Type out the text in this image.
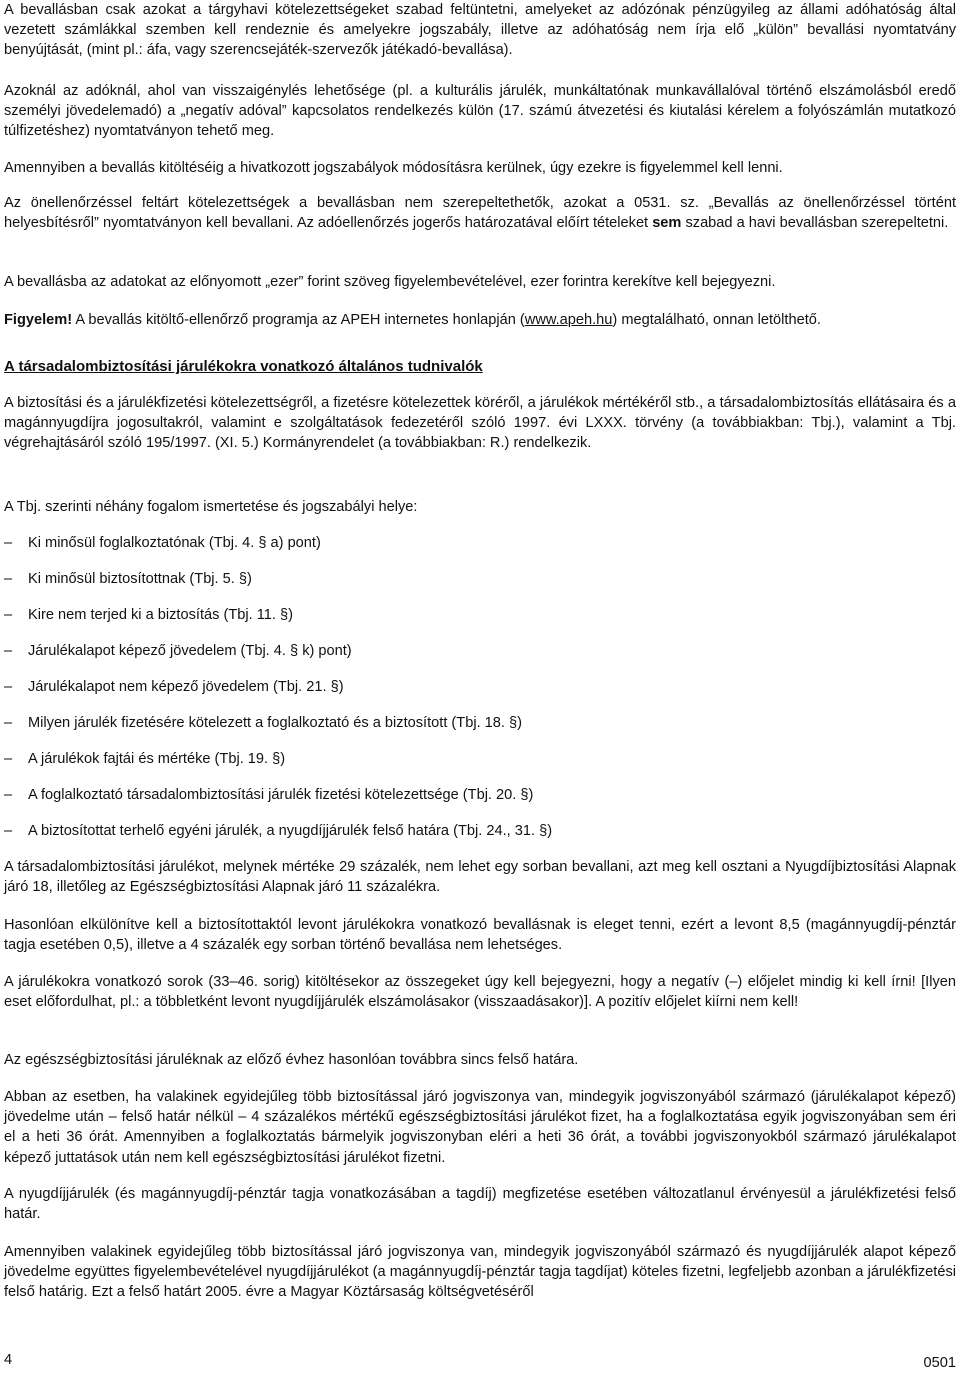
A bevallásban csak azokat a tárgyhavi kötelezettségeket szabad feltüntetni, amelyeket az adózónak pénzügyileg az állami adóhatóság által vezetett számlákkal szemben kell rendeznie és amelyekre jogszabály, illetve az adóhatóság nem írja elő „külön” bevallási nyomtatvány benyújtását, (mint pl.: áfa, vagy szerencsejáték-szervezők játékadó-bevallása).

Azoknál az adóknál, ahol van visszaigénylés lehetősége (pl. a kulturális járulék, munkáltatónak munkavállalóval történő elszámolásból eredő személyi jövedelemadó) a „negatív adóval” kapcsolatos rendelkezés külön (17. számú átvezetési és kiutalási kérelem a folyószámlán mutatkozó túlfizetéshez) nyomtatványon tehető meg.

Amennyiben a bevallás kitöltéséig a hivatkozott jogszabályok módosításra kerülnek, úgy ezekre is figyelemmel kell lenni.

Az önellenőrzéssel feltárt kötelezettségek a bevallásban nem szerepeltethetők, azokat a 0531. sz. „Bevallás az önellenőrzéssel történt helyesbítésről” nyomtatványon kell bevallani. Az adóellenőrzés jogerős határozatával előírt tételeket sem szabad a havi bevallásban szerepeltetni.

A bevallásba az adatokat az előnyomott „ezer” forint szöveg figyelembevételével, ezer forintra kerekítve kell bejegyezni.

Figyelem! A bevallás kitöltő-ellenőrző programja az APEH internetes honlapján (www.apeh.hu) megtalálható, onnan letölthető.

A társadalombiztosítási járulékokra vonatkozó általános tudnivalók

A biztosítási és a járulékfizetési kötelezettségről, a fizetésre kötelezettek köréről, a járulékok mértékéről stb., a társadalombiztosítás ellátásaira és a magánnyugdíjra jogosultakról, valamint e szolgáltatások fedezetéről szóló 1997. évi LXXX. törvény (a továbbiakban: Tbj.), valamint a Tbj. végrehajtásáról szóló 195/1997. (XI. 5.) Kormányrendelet (a továbbiakban: R.) rendelkezik.

A Tbj. szerinti néhány fogalom ismertetése és jogszabályi helye:

– Ki minősül foglalkoztatónak (Tbj. 4. § a) pont)
– Ki minősül biztosítottnak (Tbj. 5. §)
– Kire nem terjed ki a biztosítás (Tbj. 11. §)
– Járulékalapot képező jövedelem (Tbj. 4. § k) pont)
– Járulékalapot nem képező jövedelem (Tbj. 21. §)
– Milyen járulék fizetésére kötelezett a foglalkoztató és a biztosított (Tbj. 18. §)
– A járulékok fajtái és mértéke (Tbj. 19. §)
– A foglalkoztató társadalombiztosítási járulék fizetési kötelezettsége (Tbj. 20. §)
– A biztosítottat terhelő egyéni járulék, a nyugdíjjárulék felső határa (Tbj. 24., 31. §)

A társadalombiztosítási járulékot, melynek mértéke 29 százalék, nem lehet egy sorban bevallani, azt meg kell osztani a Nyugdíjbiztosítási Alapnak járó 18, illetőleg az Egészségbiztosítási Alapnak járó 11 százalékra.

Hasonlóan elkülönítve kell a biztosítottaktól levont járulékokra vonatkozó bevallásnak is eleget tenni, ezért a levont 8,5 (magánnyugdíj-pénztár tagja esetében 0,5), illetve a 4 százalék egy sorban történő bevallása nem lehetséges.

A járulékokra vonatkozó sorok (33–46. sorig) kitöltésekor az összegeket úgy kell bejegyezni, hogy a negatív (–) előjelet mindig ki kell írni! [Ilyen eset előfordulhat, pl.: a többletként levont nyugdíjjárulék elszámolásakor (visszaadásakor)]. A pozitív előjelet kiírni nem kell!

Az egészségbiztosítási járuléknak az előző évhez hasonlóan továbbra sincs felső határa.

Abban az esetben, ha valakinek egyidejűleg több biztosítással járó jogviszonya van, mindegyik jogviszonyából származó (járulékalapot képező) jövedelme után – felső határ nélkül – 4 százalékos mértékű egészségbiztosítási járulékot fizet, ha a foglalkoztatása egyik jogviszonyában sem éri el a heti 36 órát. Amennyiben a foglalkoztatás bármelyik jogviszonyban eléri a heti 36 órát, a további jogviszonyokból származó járulékalapot képező juttatások után nem kell egészségbiztosítási járulékot fizetni.

A nyugdíjjárulék (és magánnyugdíj-pénztár tagja vonatkozásában a tagdíj) megfizetése esetében változatlanul érvényesül a járulékfizetési felső határ.

Amennyiben valakinek egyidejűleg több biztosítással járó jogviszonya van, mindegyik jogviszonyából származó és nyugdíjjárulék alapot képező jövedelme együttes figyelembevételével nyugdíjjárulékot (a magánnyugdíj-pénztár tagja tagdíjat) köteles fizetni, legfeljebb azonban a járulékfizetési felső határig. Ezt a felső határt 2005. évre a Magyar Köztársaság költségvetéséről

4	0501
